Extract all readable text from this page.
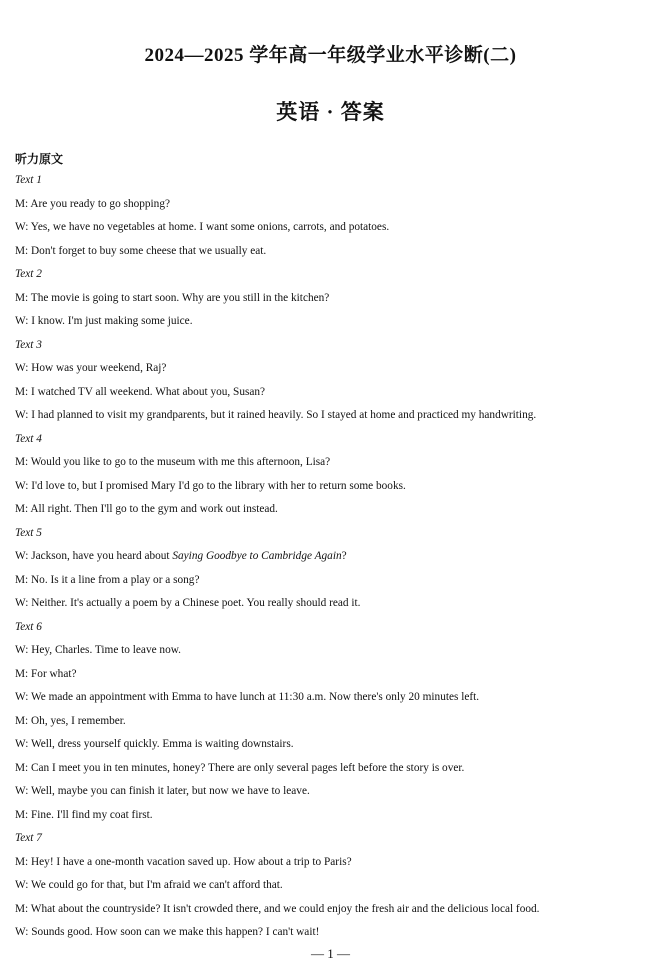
2024—2025 学年高一年级学业水平诊断(二)
英语 · 答案
听力原文
Text 1
M: Are you ready to go shopping?
W: Yes, we have no vegetables at home. I want some onions, carrots, and potatoes.
M: Don't forget to buy some cheese that we usually eat.
Text 2
M: The movie is going to start soon. Why are you still in the kitchen?
W: I know. I'm just making some juice.
Text 3
W: How was your weekend, Raj?
M: I watched TV all weekend. What about you, Susan?
W: I had planned to visit my grandparents, but it rained heavily. So I stayed at home and practiced my handwriting.
Text 4
M: Would you like to go to the museum with me this afternoon, Lisa?
W: I'd love to, but I promised Mary I'd go to the library with her to return some books.
M: All right. Then I'll go to the gym and work out instead.
Text 5
W: Jackson, have you heard about Saying Goodbye to Cambridge Again?
M: No. Is it a line from a play or a song?
W: Neither. It's actually a poem by a Chinese poet. You really should read it.
Text 6
W: Hey, Charles. Time to leave now.
M: For what?
W: We made an appointment with Emma to have lunch at 11:30 a.m. Now there's only 20 minutes left.
M: Oh, yes, I remember.
W: Well, dress yourself quickly. Emma is waiting downstairs.
M: Can I meet you in ten minutes, honey? There are only several pages left before the story is over.
W: Well, maybe you can finish it later, but now we have to leave.
M: Fine. I'll find my coat first.
Text 7
M: Hey! I have a one-month vacation saved up. How about a trip to Paris?
W: We could go for that, but I'm afraid we can't afford that.
M: What about the countryside? It isn't crowded there, and we could enjoy the fresh air and the delicious local food.
W: Sounds good. How soon can we make this happen? I can't wait!
— 1 —
